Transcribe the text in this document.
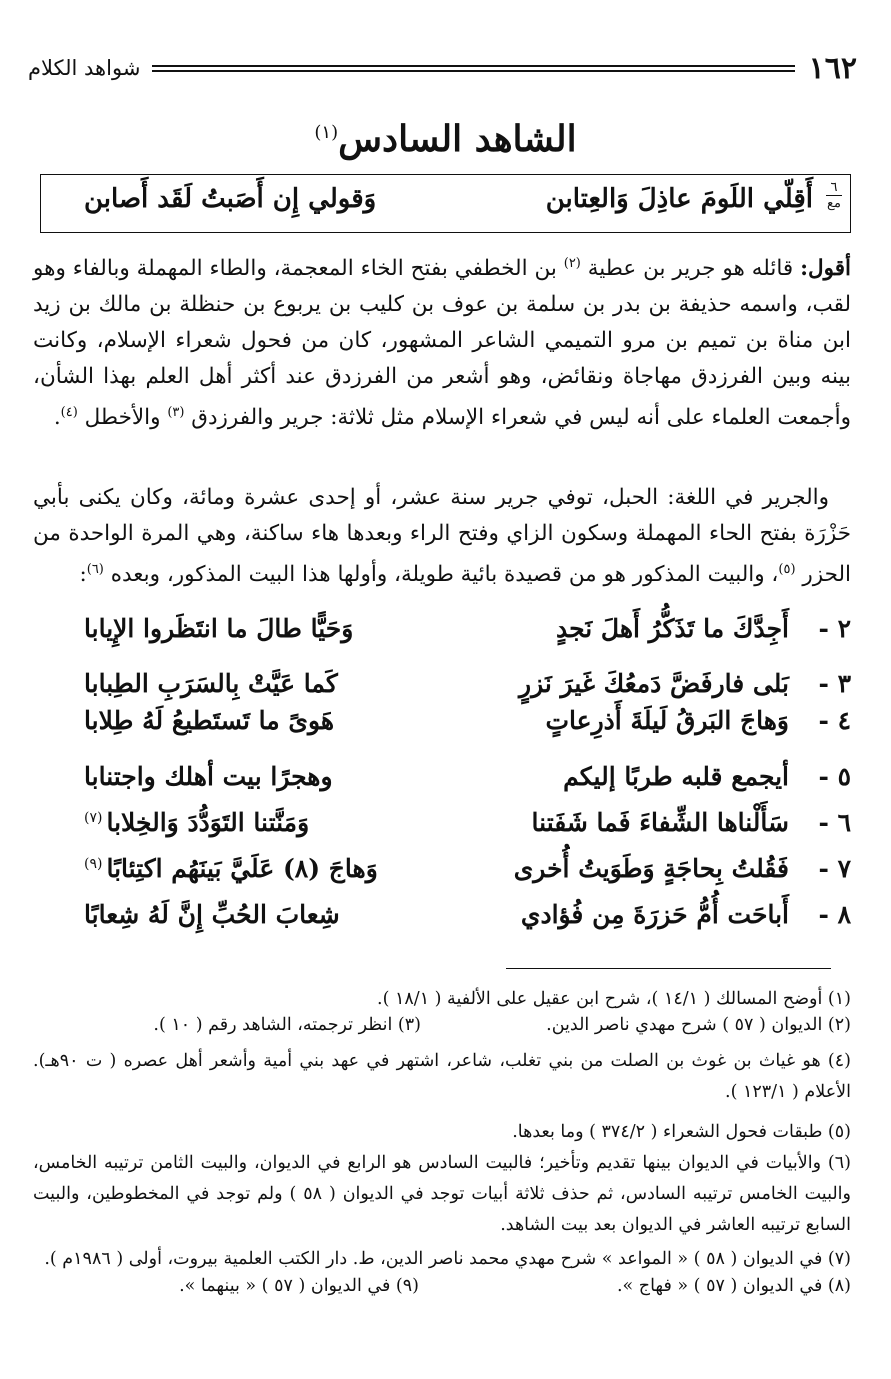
١٦٢
شواهد الكلام
الشاهد السادس$^{(١)}$
٦
مع
أَقِلّي اللَومَ عاذِلَ وَالعِتابن
وَقولي إِن أَصَبتُ لَقَد أَصابن
أقول: قائله هو جرير بن عطية $^{(٢)}$ بن الخطفي بفتح الخاء المعجمة، والطاء المهملة وبالفاء وهو لقب، واسمه حذيفة بن بدر بن سلمة بن عوف بن كليب بن يربوع بن حنظلة بن مالك بن زيد ابن مناة بن تميم بن مرو التميمي الشاعر المشهور، كان من فحول شعراء الإسلام، وكانت بينه وبين الفرزدق مهاجاة ونقائض، وهو أشعر من الفرزدق عند أكثر أهل العلم بهذا الشأن، وأجمعت العلماء على أنه ليس في شعراء الإسلام مثل ثلاثة: جرير والفرزدق $^{(٣)}$ والأخطل $^{(٤)}$.
والجرير في اللغة: الحبل، توفي جرير سنة عشر، أو إحدى عشرة ومائة، وكان يكنى بأبي حَزْرَة بفتح الحاء المهملة وسكون الزاي وفتح الراء وبعدها هاء ساكنة، وهي المرة الواحدة من الحزر $^{(٥)}$، والبيت المذكور هو من قصيدة بائية طويلة، وأولها هذا البيت المذكور، وبعده $^{(٦)}$:
٢ -
أَجِدَّكَ ما تَذَكُّرُ أَهلَ نَجدٍ
وَحَيًّا طالَ ما انتَظَروا الإِيابا
٣ -
بَلى فارفَضَّ دَمعُكَ غَيرَ نَزرٍ
كَما عَيَّتْ بِالسَرَبِ الطِبابا
٤ -
وَهاجَ البَرقُ لَيلَةَ أَذرِعاتٍ
هَوىً ما تَستَطيعُ لَهُ طِلابا
٥ -
أيجمع قلبه طربًا إليكم
وهجرًا بيت أهلك واجتنابا
٦ -
سَأَلْناها الشِّفاءَ فَما شَفَتنا
وَمَنَّتنا التَوَدُّدَ وَالخِلابا$^{(٧)}$
٧ -
فَقُلتُ بِحاجَةٍ وَطَوَيتُ أُخرى
وَهاجَ (٨) عَلَيَّ بَينَهُم اكتِئابًا$^{(٩)}$
٨ -
أَباحَت أُمُّ حَزرَةَ مِن فُؤادي
شِعابَ الحُبِّ إِنَّ لَهُ شِعابًا
(١) أوضح المسالك ( ١٤/١ )، شرح ابن عقيل على الألفية ( ١٨/١ ).
(٢) الديوان ( ٥٧ ) شرح مهدي ناصر الدين.
(٣) انظر ترجمته، الشاهد رقم ( ١٠ ).
(٤) هو غياث بن غوث بن الصلت من بني تغلب، شاعر، اشتهر في عهد بني أمية وأشعر أهل عصره ( ت ٩٠هـ). الأعلام ( ١٢٣/١ ).
(٥) طبقات فحول الشعراء ( ٣٧٤/٢ ) وما بعدها.
(٦) والأبيات في الديوان بينها تقديم وتأخير؛ فالبيت السادس هو الرابع في الديوان، والبيت الثامن ترتيبه الخامس، والبيت الخامس ترتيبه السادس، ثم حذف ثلاثة أبيات توجد في الديوان ( ٥٨ ) ولم توجد في المخطوطين، والبيت السابع ترتيبه العاشر في الديوان بعد بيت الشاهد.
(٧) في الديوان ( ٥٨ ) « المواعد » شرح مهدي محمد ناصر الدين، ط. دار الكتب العلمية بيروت، أولى ( ١٩٨٦م ).
(٨) في الديوان ( ٥٧ ) « فهاج ».
(٩) في الديوان ( ٥٧ ) « بينهما ».
